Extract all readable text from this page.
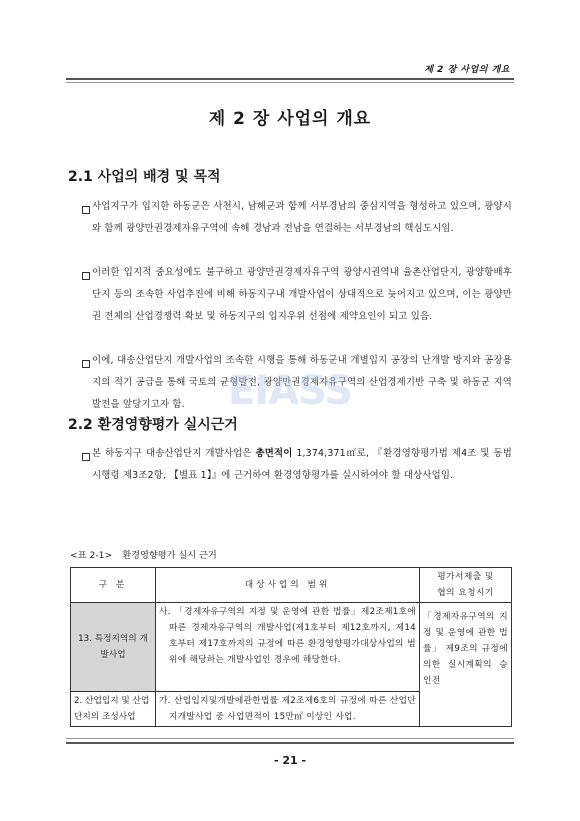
제 2 장 사업의 개요
제 2 장 사업의 개요
2.1 사업의 배경 및 목적
사업지구가 입지한 하동군은 사천시, 남해군과 함께 서부경남의 중심지역을 형성하고 있으며, 광양시와 함께 광양만권경제자유구역에 속해 경남과 전남을 연결하는 서부경남의 핵심도시임.
이러한 입지적 중요성에도 불구하고 광양만권경제자유구역 광양시권역내 율촌산업단지, 광양항배후단지 등의 조속한 사업추진에 비해 하동지구내 개발사업이 상대적으로 늦어지고 있으며, 이는 광양만권 전체의 산업경쟁력 확보 및 하동지구의 입지우위 선점에 제약요인이 되고 있음.
이에, 대송산업단지 개발사업의 조속한 시행을 통해 하동군내 개별입지 공장의 난개발 방지와 공장용지의 적기 공급을 통해 국토의 균형발전, 광양만권경제자유구역의 산업경제기반 구축 및 하동군 지역발전을 앞당기고자 함.	EIASS
2.2 환경영향평가 실시근거
본 하동지구 대송산업단지 개발사업은 총면적이 1,374,371㎡로, 『환경영향평가법 제4조 및 동법시행령 제3조2항, 【별표 1】』에 근거하여 환경영향평가를 실시하여야 할 대상사업임.
<표 2-1> 환경영향평가 실시 근거
구 분	대상사업의 범위	평가서제출 및
협의 요청시기

13. 특정지역의 개발사업	사. 「경제자유구역의 지정 및 운영에 관한 법률」제2조제1호에 따른 경제자유구역의 개발사업(제1호부터 제12호까지, 제14호부터 제17호까지의 규정에 따른 환경영향평가대상사업의 범위에 해당하는 개발사업인 경우에 해당한다.	「경제자유구역의 지정 및 운영에 관한 법률」 제9조의 규정에 의한 실시계획의 승인전

2. 산업입지 및 산업단지의 조성사업	가. 산업입지및개발에관한법률 제2조제6호의 규정에 따른 산업단지개발사업 중 사업면적이 15만㎡ 이상인 사업.	
- 21 -
